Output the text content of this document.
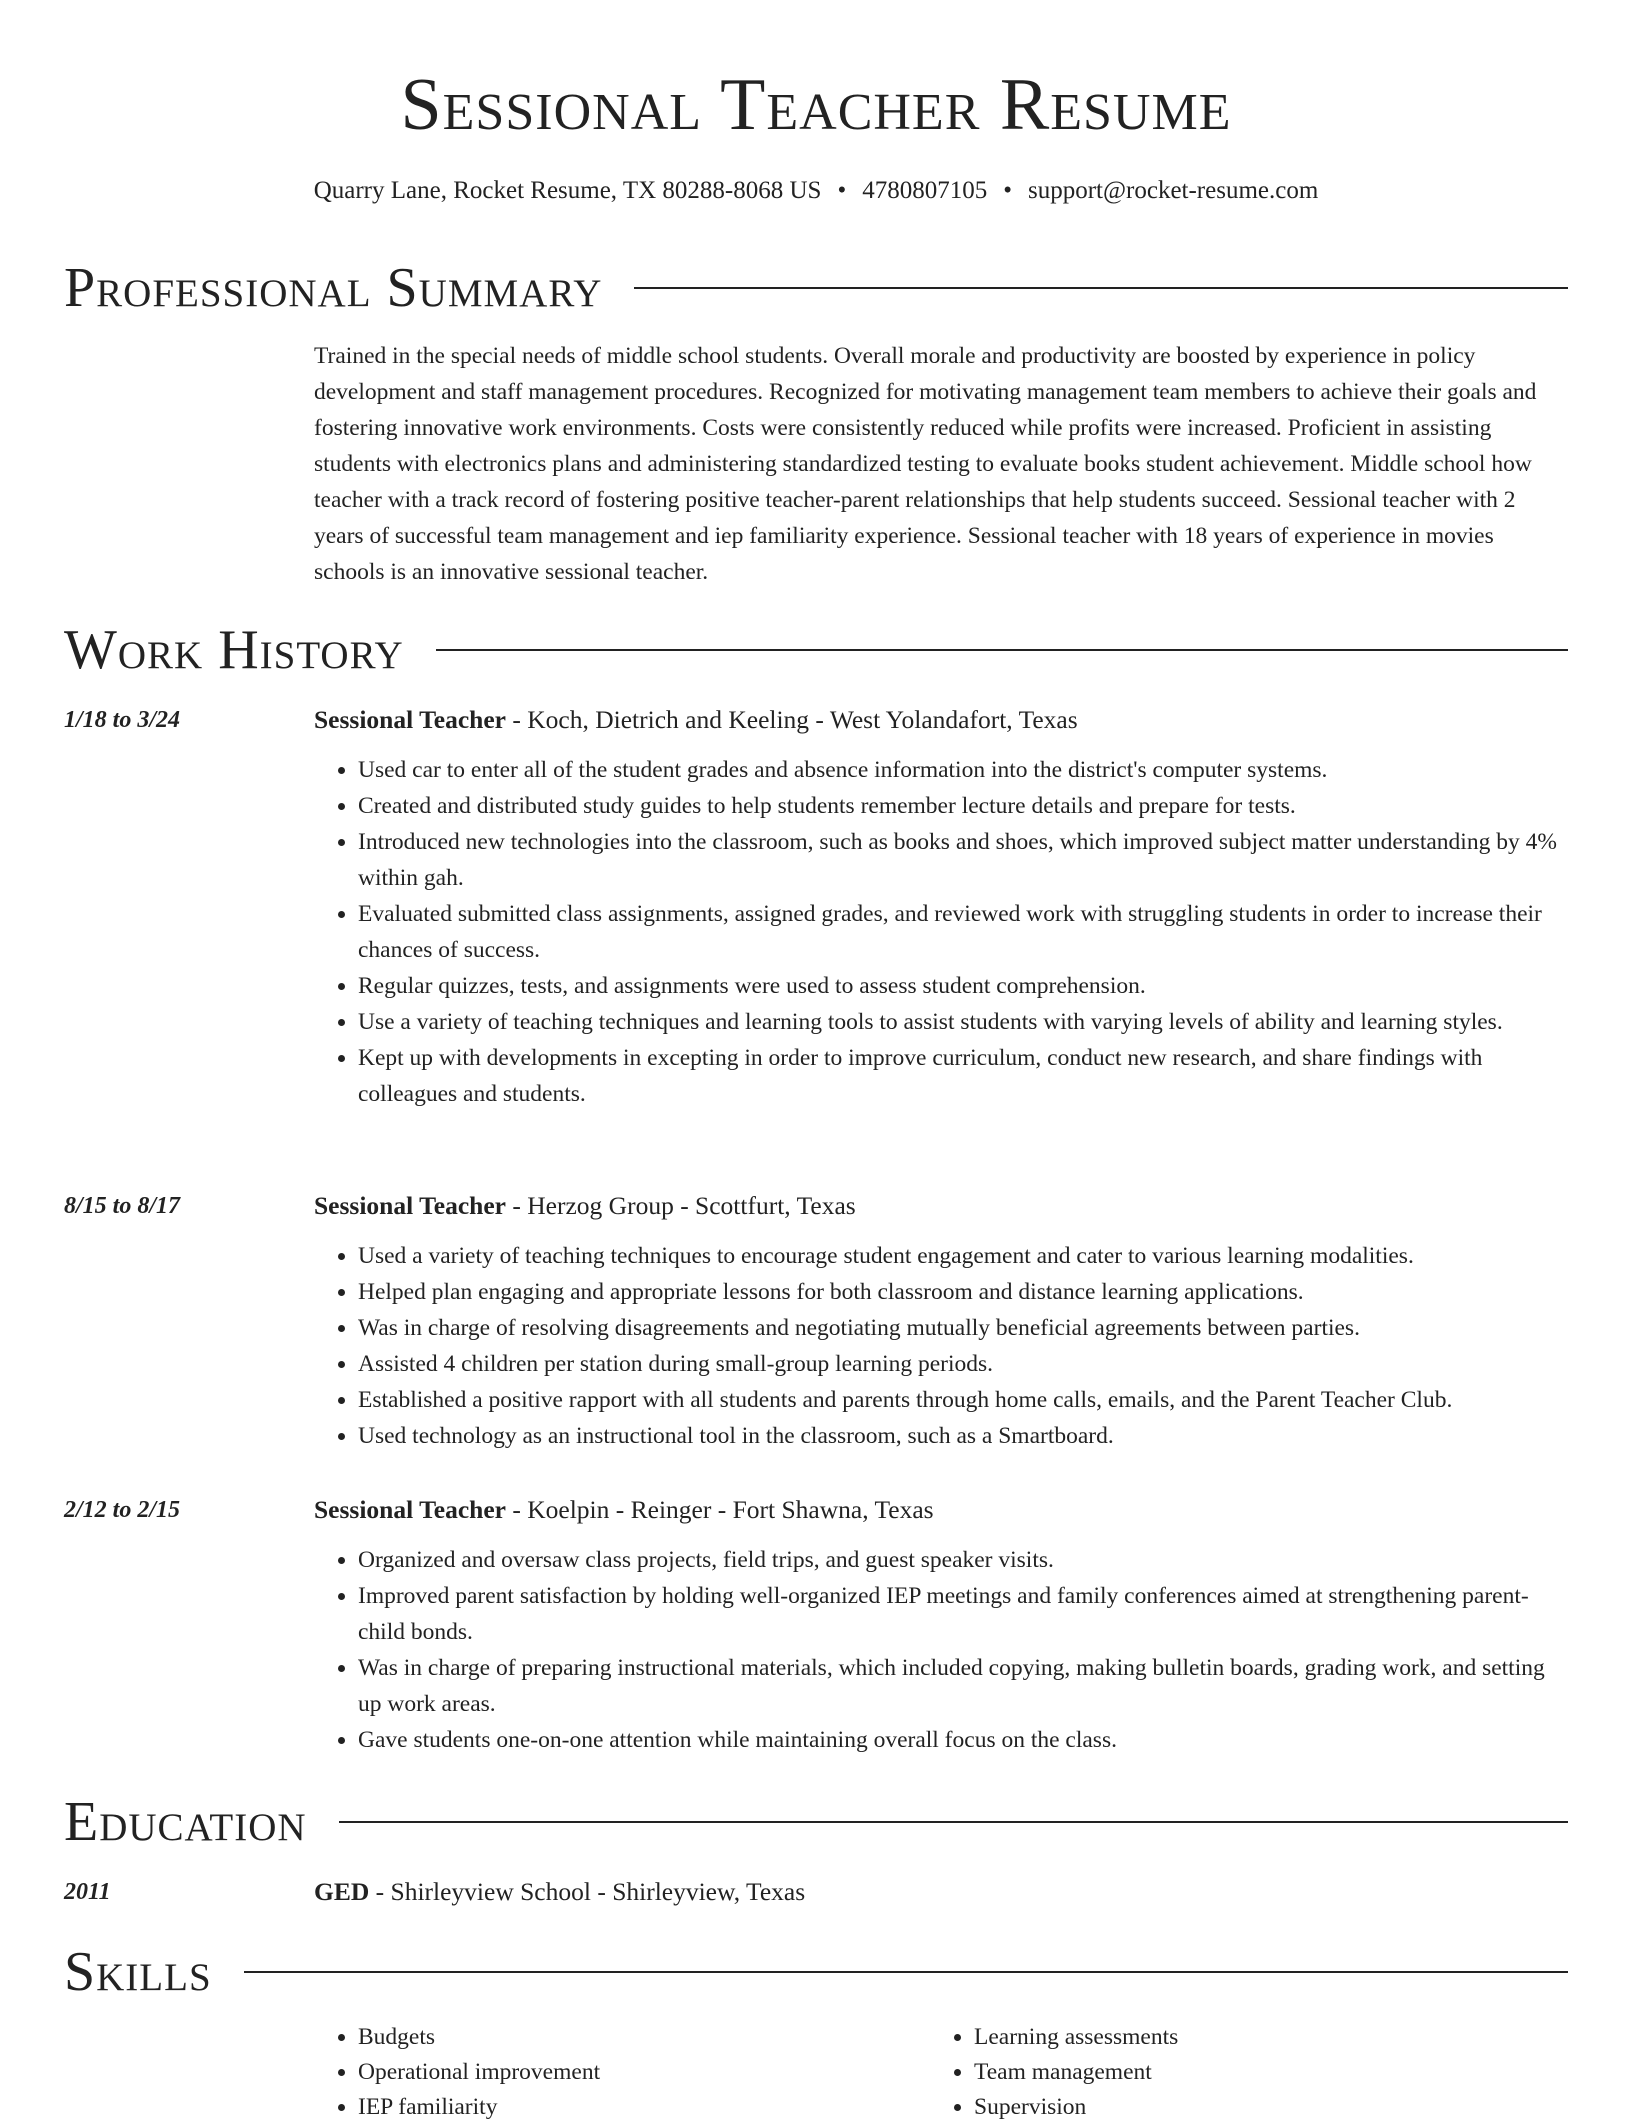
Sessional Teacher Resume
Quarry Lane, Rocket Resume, TX 80288-8068 US • 4780807105 • support@rocket-resume.com
Professional Summary

Trained in the special needs of middle school students. Overall morale and productivity are boosted by experience in policy development and staff management procedures. Recognized for motivating management team members to achieve their goals and fostering innovative work environments. Costs were consistently reduced while profits were increased. Proficient in assisting students with electronics plans and administering standardized testing to evaluate books student achievement. Middle school how teacher with a track record of fostering positive teacher-parent relationships that help students succeed. Sessional teacher with 2 years of successful team management and iep familiarity experience. Sessional teacher with 18 years of experience in movies schools is an innovative sessional teacher.

Work History
1/18 to 3/24	Sessional Teacher - Koch, Dietrich and Keeling - West Yolandafort, Texas

• Used car to enter all of the student grades and absence information into the district's computer systems.
• Created and distributed study guides to help students remember lecture details and prepare for tests.
• Introduced new technologies into the classroom, such as books and shoes, which improved subject matter understanding by 4% within gah.
• Evaluated submitted class assignments, assigned grades, and reviewed work with struggling students in order to increase their chances of success.
• Regular quizzes, tests, and assignments were used to assess student comprehension.
• Use a variety of teaching techniques and learning tools to assist students with varying levels of ability and learning styles.
• Kept up with developments in excepting in order to improve curriculum, conduct new research, and share findings with colleagues and students.
8/15 to 8/17	Sessional Teacher - Herzog Group - Scottfurt, Texas

• Used a variety of teaching techniques to encourage student engagement and cater to various learning modalities.
• Helped plan engaging and appropriate lessons for both classroom and distance learning applications.
• Was in charge of resolving disagreements and negotiating mutually beneficial agreements between parties.
• Assisted 4 children per station during small-group learning periods.
• Established a positive rapport with all students and parents through home calls, emails, and the Parent Teacher Club.
• Used technology as an instructional tool in the classroom, such as a Smartboard.
2/12 to 2/15	Sessional Teacher - Koelpin - Reinger - Fort Shawna, Texas

• Organized and oversaw class projects, field trips, and guest speaker visits.
• Improved parent satisfaction by holding well-organized IEP meetings and family conferences aimed at strengthening parent-child bonds.
• Was in charge of preparing instructional materials, which included copying, making bulletin boards, grading work, and setting up work areas.
• Gave students one-on-one attention while maintaining overall focus on the class.
Education
2011	GED - Shirleyview School - Shirleyview, Texas

Skills
• Budgets
• Operational improvement
• IEP familiarity
• Learning assessments
• Team management
• Supervision
